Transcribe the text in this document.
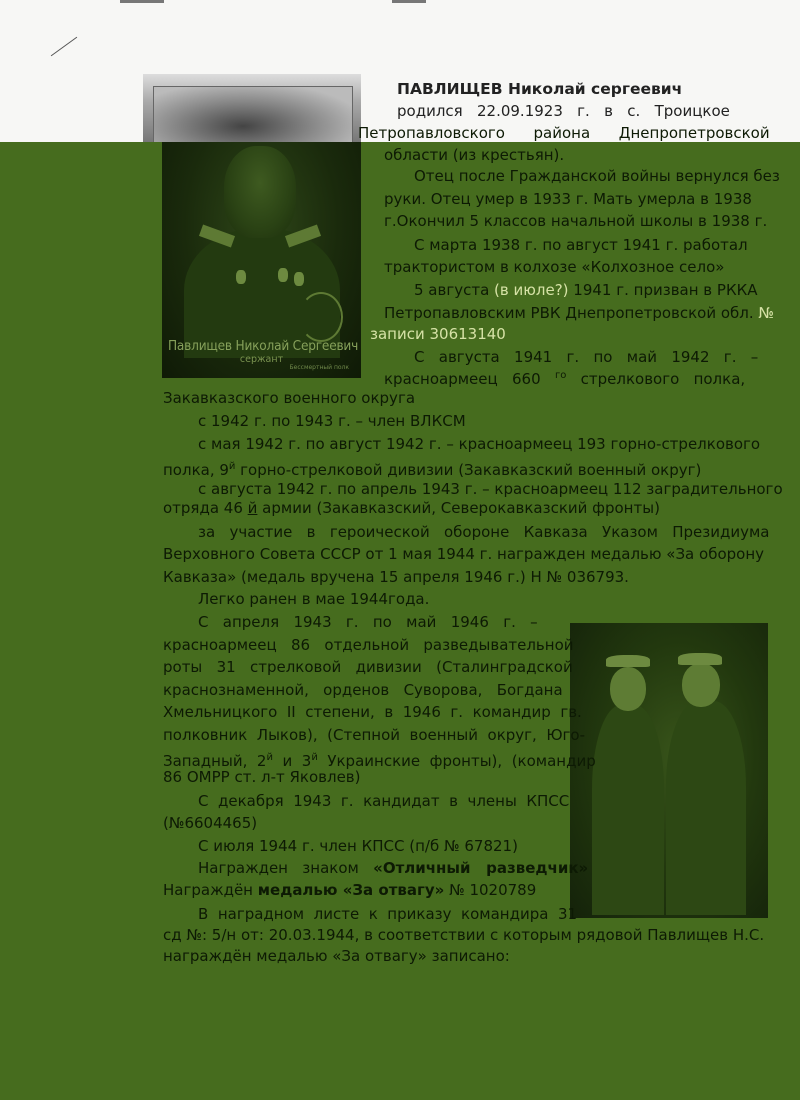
Павлищев Николай Сергеевич
сержант
Бессмертный полк
ПАВЛИЩЕВ Николай сергеевич
родился   22.09.1923   г.   в   с.   Троицкое
Петропавловского      района      Днепропетровской
области (из крестьян).
Отец после Гражданской войны вернулся без
руки. Отец умер в 1933 г. Мать умерла в 1938
г.Окончил 5 классов начальной школы в 1938 г.
С марта 1938 г. по август 1941 г. работал
трактористом в колхозе «Колхозное село»
5 августа (в июле?) 1941 г. призван в РККА
Петропавловским РВК Днепропетровской обл. №
записи 30613140
С   августа   1941   г.   по   май   1942   г.   –
красноармеец   660   $^{го}$   стрелкового   полка,
Закавказского военного округа
с 1942 г. по 1943 г. – член ВЛКСМ
с мая 1942 г. по август 1942 г. – красноармеец 193 горно-стрелкового
полка, $9^й$ горно-стрелковой дивизии (Закавказский военный округ)
с августа 1942 г. по апрель 1943 г. – красноармеец 112 заградительного
отряда 46 й армии (Закавказский, Северокавказский фронты)
за   участие   в   героической   обороне   Кавказа   Указом   Президиума
Верховного Совета СССР от 1 мая 1944 г. награжден медалью «За оборону
Кавказа» (медаль вручена 15 апреля 1946 г.) Н № 036793.
Легко ранен в мае 1944года.
С   апреля   1943   г.   по   май   1946   г.   –
красноармеец   86   отдельной   разведывательной
роты   31   стрелковой   дивизии   (Сталинградской
краснознаменной,   орденов   Суворова,   Богдана
Хмельницкого  II  степени,  в  1946  г.  командир  гв.
полковник  Лыков),  (Степной  военный  округ,  Юго-
Западный,  $2^й$  и  $3^й$  Украинские  фронты),  (командир
86 ОМРР ст. л-т Яковлев)
С  декабря  1943  г.  кандидат  в  члены  КПСС
(№6604465)
С июля 1944 г. член КПСС (п/б № 67821)
Награжден   знаком   «Отличный   разведчик»
Награждён медалью «За отвагу» № 1020789
В  наградном  листе  к  приказу  командира  31
сд №: 5/н от: 20.03.1944, в соответствии с которым рядовой Павлищев Н.С.
награждён медалью «За отвагу» записано:
